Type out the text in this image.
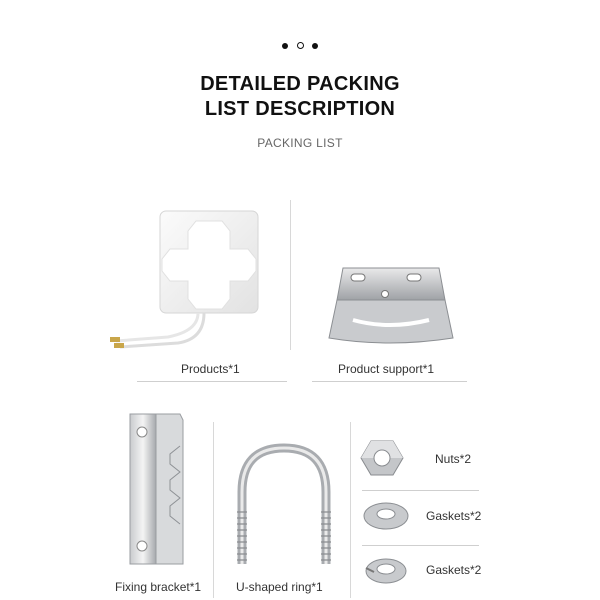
DETAILED PACKING
LIST DESCRIPTION
PACKING LIST
Products*1	Product support*1
Fixing bracket*1	U-shaped ring*1
Nuts*2
Gaskets*2
Gaskets*2
